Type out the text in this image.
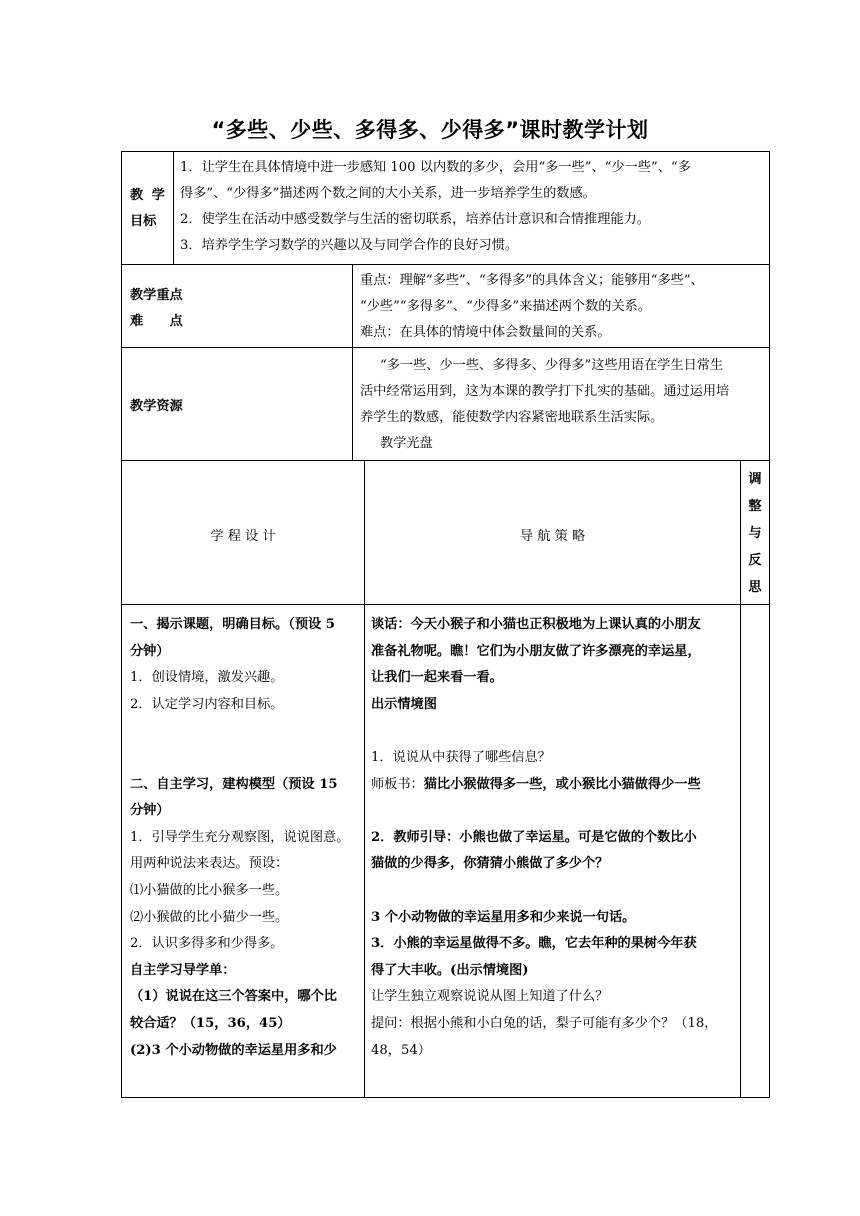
“多些、少些、多得多、少得多”课时教学计划

教 学

目标

1．让学生在具体情境中进一步感知 100 以内数的多少，会用“多一些”、“少一些”、“多

得多”、“少得多”描述两个数之间的大小关系，进一步培养学生的数感。

2．使学生在活动中感受数学与生活的密切联系，培养估计意识和合情推理能力。

3．培养学生学习数学的兴趣以及与同学合作的良好习惯。

教学重点

难　　点

重点：理解“多些”、“多得多”的具体含义；能够用“多些”、

“少些”“多得多”、“少得多”来描述两个数的关系。

难点：在具体的情境中体会数量间的关系。

教学资源

“多一些、少一些、多得多、少得多”这些用语在学生日常生

活中经常运用到，这为本课的教学打下扎实的基础。通过运用培

养学生的数感，能使数学内容紧密地联系生活实际。

教学光盘

学 程 设 计	导 航 策 略

调

整

与

反

思

一、揭示课题，明确目标。（预设 5

分钟）

1．创设情境，激发兴趣。

2．认定学习内容和目标。

二、自主学习，建构模型（预设 15

分钟）

1．引导学生充分观察图，说说图意。

用两种说法来表达。预设：

⑴小猫做的比小猴多一些。

⑵小猴做的比小猫少一些。

2．认识多得多和少得多。

自主学习导学单：

（1）说说在这三个答案中，哪个比

较合适？（15，36，45）

(2)3 个小动物做的幸运星用多和少

谈话：今天小猴子和小猫也正积极地为上课认真的小朋友

准备礼物呢。瞧！它们为小朋友做了许多漂亮的幸运星，

让我们一起来看一看。

出示情境图

1．说说从中获得了哪些信息？

师板书：猫比小猴做得多一些，或小猴比小猫做得少一些

2．教师引导：小熊也做了幸运星。可是它做的个数比小

猫做的少得多，你猜猜小熊做了多少个？

3 个小动物做的幸运星用多和少来说一句话。

3．小熊的幸运星做得不多。瞧，它去年种的果树今年获

得了大丰收。(出示情境图)

让学生独立观察说说从图上知道了什么？

提问：根据小熊和小白兔的话，梨子可能有多少个？（18，

48，54）
